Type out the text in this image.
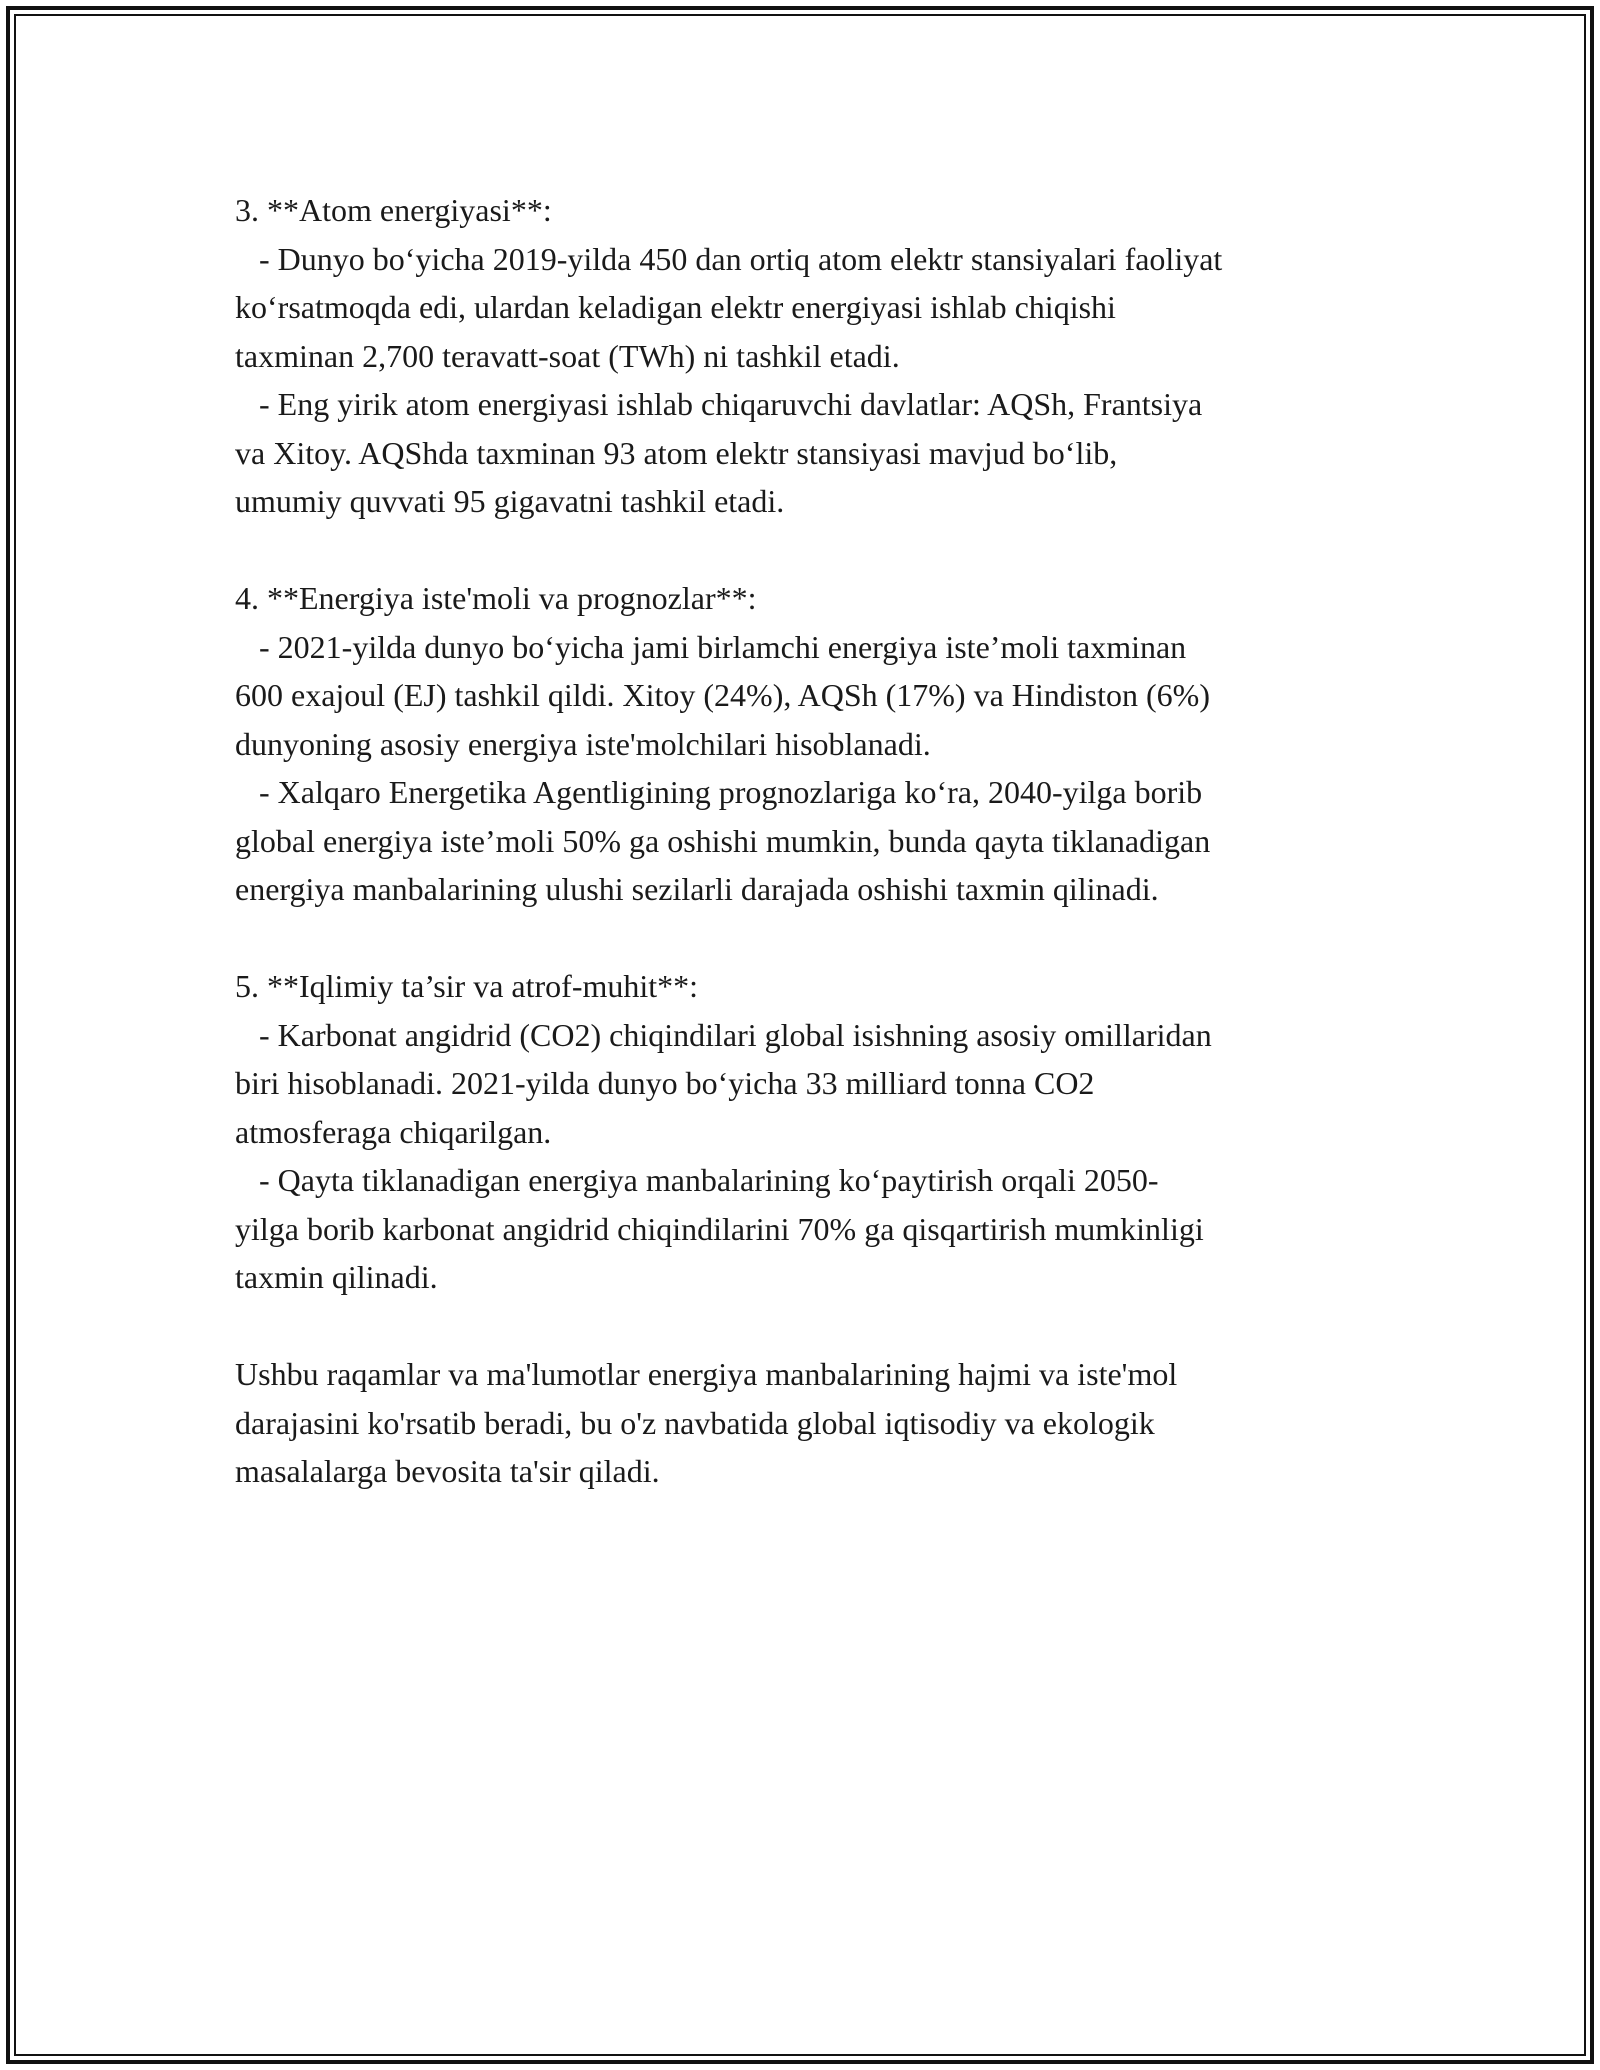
3. **Atom energiyasi**:

- Dunyo bo‘yicha 2019-yilda 450 dan ortiq atom elektr stansiyalari faoliyat

ko‘rsatmoqda edi, ulardan keladigan elektr energiyasi ishlab chiqishi

taxminan 2,700 teravatt-soat (TWh) ni tashkil etadi.

- Eng yirik atom energiyasi ishlab chiqaruvchi davlatlar: AQSh, Frantsiya

va Xitoy. AQShda taxminan 93 atom elektr stansiyasi mavjud bo‘lib,

umumiy quvvati 95 gigavatni tashkil etadi.

4. **Energiya iste'moli va prognozlar**:

- 2021-yilda dunyo bo‘yicha jami birlamchi energiya iste’moli taxminan

600 exajoul (EJ) tashkil qildi. Xitoy (24%), AQSh (17%) va Hindiston (6%)

dunyoning asosiy energiya iste'molchilari hisoblanadi.

- Xalqaro Energetika Agentligining prognozlariga ko‘ra, 2040-yilga borib

global energiya iste’moli 50% ga oshishi mumkin, bunda qayta tiklanadigan

energiya manbalarining ulushi sezilarli darajada oshishi taxmin qilinadi.

5. **Iqlimiy ta’sir va atrof-muhit**:

- Karbonat angidrid (CO2) chiqindilari global isishning asosiy omillaridan

biri hisoblanadi. 2021-yilda dunyo bo‘yicha 33 milliard tonna CO2

atmosferaga chiqarilgan.

- Qayta tiklanadigan energiya manbalarining ko‘paytirish orqali 2050-

yilga borib karbonat angidrid chiqindilarini 70% ga qisqartirish mumkinligi

taxmin qilinadi.

Ushbu raqamlar va ma'lumotlar energiya manbalarining hajmi va iste'mol

darajasini ko'rsatib beradi, bu o'z navbatida global iqtisodiy va ekologik

masalalarga bevosita ta'sir qiladi.
